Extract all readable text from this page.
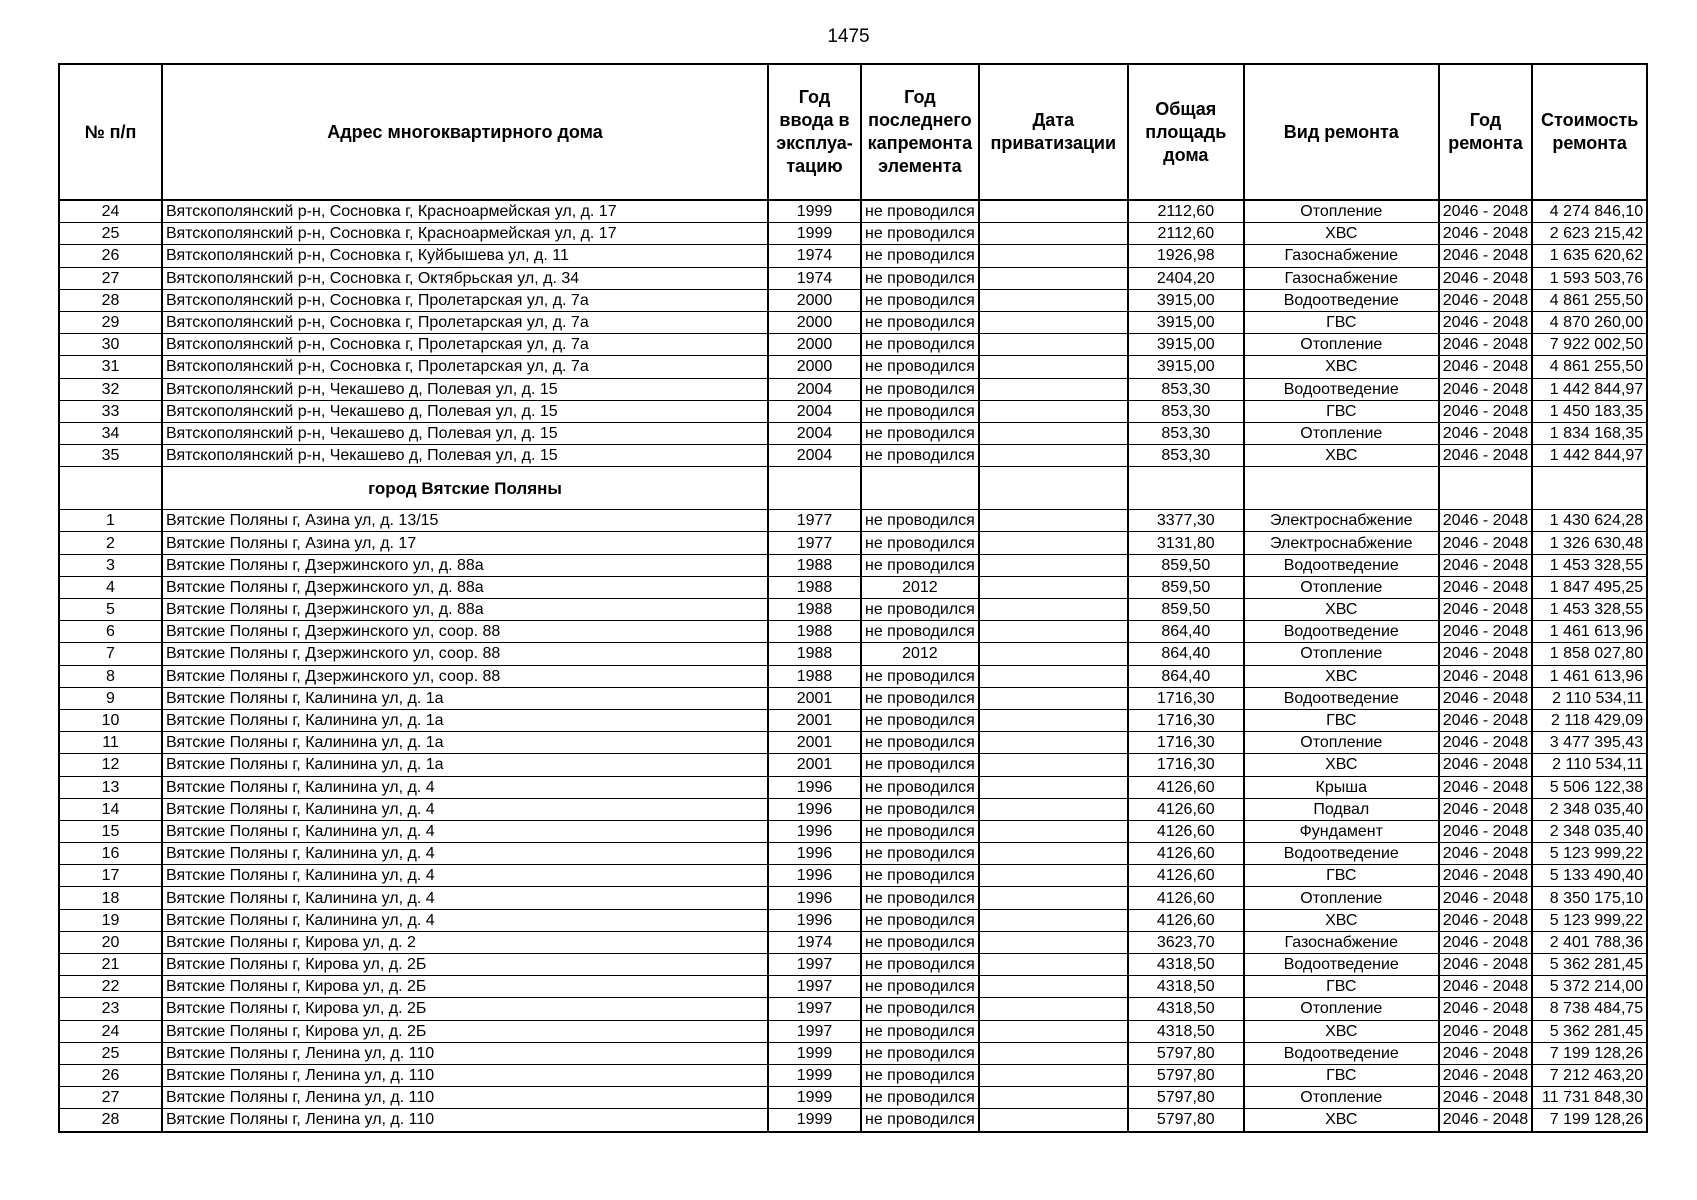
1475
№ п/п	Адрес многоквартирного дома	Год ввода в эксплуа-тацию	Год последнего капремонта элемента	Дата приватизации	Общая площадь дома	Вид ремонта	Год ремонта	Стоимость ремонта
24	Вятскополянский р-н, Сосновка г, Красноармейская ул, д. 17	1999	не проводился		2112,60	Отопление	2046 - 2048	4 274 846,10
25	Вятскополянский р-н, Сосновка г, Красноармейская ул, д. 17	1999	не проводился		2112,60	ХВС	2046 - 2048	2 623 215,42
26	Вятскополянский р-н, Сосновка г, Куйбышева ул, д. 11	1974	не проводился		1926,98	Газоснабжение	2046 - 2048	1 635 620,62
27	Вятскополянский р-н, Сосновка г, Октябрьская ул, д. 34	1974	не проводился		2404,20	Газоснабжение	2046 - 2048	1 593 503,76
28	Вятскополянский р-н, Сосновка г, Пролетарская ул, д. 7а	2000	не проводился		3915,00	Водоотведение	2046 - 2048	4 861 255,50
29	Вятскополянский р-н, Сосновка г, Пролетарская ул, д. 7а	2000	не проводился		3915,00	ГВС	2046 - 2048	4 870 260,00
30	Вятскополянский р-н, Сосновка г, Пролетарская ул, д. 7а	2000	не проводился		3915,00	Отопление	2046 - 2048	7 922 002,50
31	Вятскополянский р-н, Сосновка г, Пролетарская ул, д. 7а	2000	не проводился		3915,00	ХВС	2046 - 2048	4 861 255,50
32	Вятскополянский р-н, Чекашево д, Полевая ул, д. 15	2004	не проводился		853,30	Водоотведение	2046 - 2048	1 442 844,97
33	Вятскополянский р-н, Чекашево д, Полевая ул, д. 15	2004	не проводился		853,30	ГВС	2046 - 2048	1 450 183,35
34	Вятскополянский р-н, Чекашево д, Полевая ул, д. 15	2004	не проводился		853,30	Отопление	2046 - 2048	1 834 168,35
35	Вятскополянский р-н, Чекашево д, Полевая ул, д. 15	2004	не проводился		853,30	ХВС	2046 - 2048	1 442 844,97
	город Вятские Поляны							
1	Вятские Поляны г, Азина ул, д. 13/15	1977	не проводился		3377,30	Электроснабжение	2046 - 2048	1 430 624,28
2	Вятские Поляны г, Азина ул, д. 17	1977	не проводился		3131,80	Электроснабжение	2046 - 2048	1 326 630,48
3	Вятские Поляны г, Дзержинского ул, д. 88а	1988	не проводился		859,50	Водоотведение	2046 - 2048	1 453 328,55
4	Вятские Поляны г, Дзержинского ул, д. 88а	1988	2012		859,50	Отопление	2046 - 2048	1 847 495,25
5	Вятские Поляны г, Дзержинского ул, д. 88а	1988	не проводился		859,50	ХВС	2046 - 2048	1 453 328,55
6	Вятские Поляны г, Дзержинского ул, соор. 88	1988	не проводился		864,40	Водоотведение	2046 - 2048	1 461 613,96
7	Вятские Поляны г, Дзержинского ул, соор. 88	1988	2012		864,40	Отопление	2046 - 2048	1 858 027,80
8	Вятские Поляны г, Дзержинского ул, соор. 88	1988	не проводился		864,40	ХВС	2046 - 2048	1 461 613,96
9	Вятские Поляны г, Калинина ул, д. 1а	2001	не проводился		1716,30	Водоотведение	2046 - 2048	2 110 534,11
10	Вятские Поляны г, Калинина ул, д. 1а	2001	не проводился		1716,30	ГВС	2046 - 2048	2 118 429,09
11	Вятские Поляны г, Калинина ул, д. 1а	2001	не проводился		1716,30	Отопление	2046 - 2048	3 477 395,43
12	Вятские Поляны г, Калинина ул, д. 1а	2001	не проводился		1716,30	ХВС	2046 - 2048	2 110 534,11
13	Вятские Поляны г, Калинина ул, д. 4	1996	не проводился		4126,60	Крыша	2046 - 2048	5 506 122,38
14	Вятские Поляны г, Калинина ул, д. 4	1996	не проводился		4126,60	Подвал	2046 - 2048	2 348 035,40
15	Вятские Поляны г, Калинина ул, д. 4	1996	не проводился		4126,60	Фундамент	2046 - 2048	2 348 035,40
16	Вятские Поляны г, Калинина ул, д. 4	1996	не проводился		4126,60	Водоотведение	2046 - 2048	5 123 999,22
17	Вятские Поляны г, Калинина ул, д. 4	1996	не проводился		4126,60	ГВС	2046 - 2048	5 133 490,40
18	Вятские Поляны г, Калинина ул, д. 4	1996	не проводился		4126,60	Отопление	2046 - 2048	8 350 175,10
19	Вятские Поляны г, Калинина ул, д. 4	1996	не проводился		4126,60	ХВС	2046 - 2048	5 123 999,22
20	Вятские Поляны г, Кирова ул, д. 2	1974	не проводился		3623,70	Газоснабжение	2046 - 2048	2 401 788,36
21	Вятские Поляны г, Кирова ул, д. 2Б	1997	не проводился		4318,50	Водоотведение	2046 - 2048	5 362 281,45
22	Вятские Поляны г, Кирова ул, д. 2Б	1997	не проводился		4318,50	ГВС	2046 - 2048	5 372 214,00
23	Вятские Поляны г, Кирова ул, д. 2Б	1997	не проводился		4318,50	Отопление	2046 - 2048	8 738 484,75
24	Вятские Поляны г, Кирова ул, д. 2Б	1997	не проводился		4318,50	ХВС	2046 - 2048	5 362 281,45
25	Вятские Поляны г, Ленина ул, д. 110	1999	не проводился		5797,80	Водоотведение	2046 - 2048	7 199 128,26
26	Вятские Поляны г, Ленина ул, д. 110	1999	не проводился		5797,80	ГВС	2046 - 2048	7 212 463,20
27	Вятские Поляны г, Ленина ул, д. 110	1999	не проводился		5797,80	Отопление	2046 - 2048	11 731 848,30
28	Вятские Поляны г, Ленина ул, д. 110	1999	не проводился		5797,80	ХВС	2046 - 2048	7 199 128,26
